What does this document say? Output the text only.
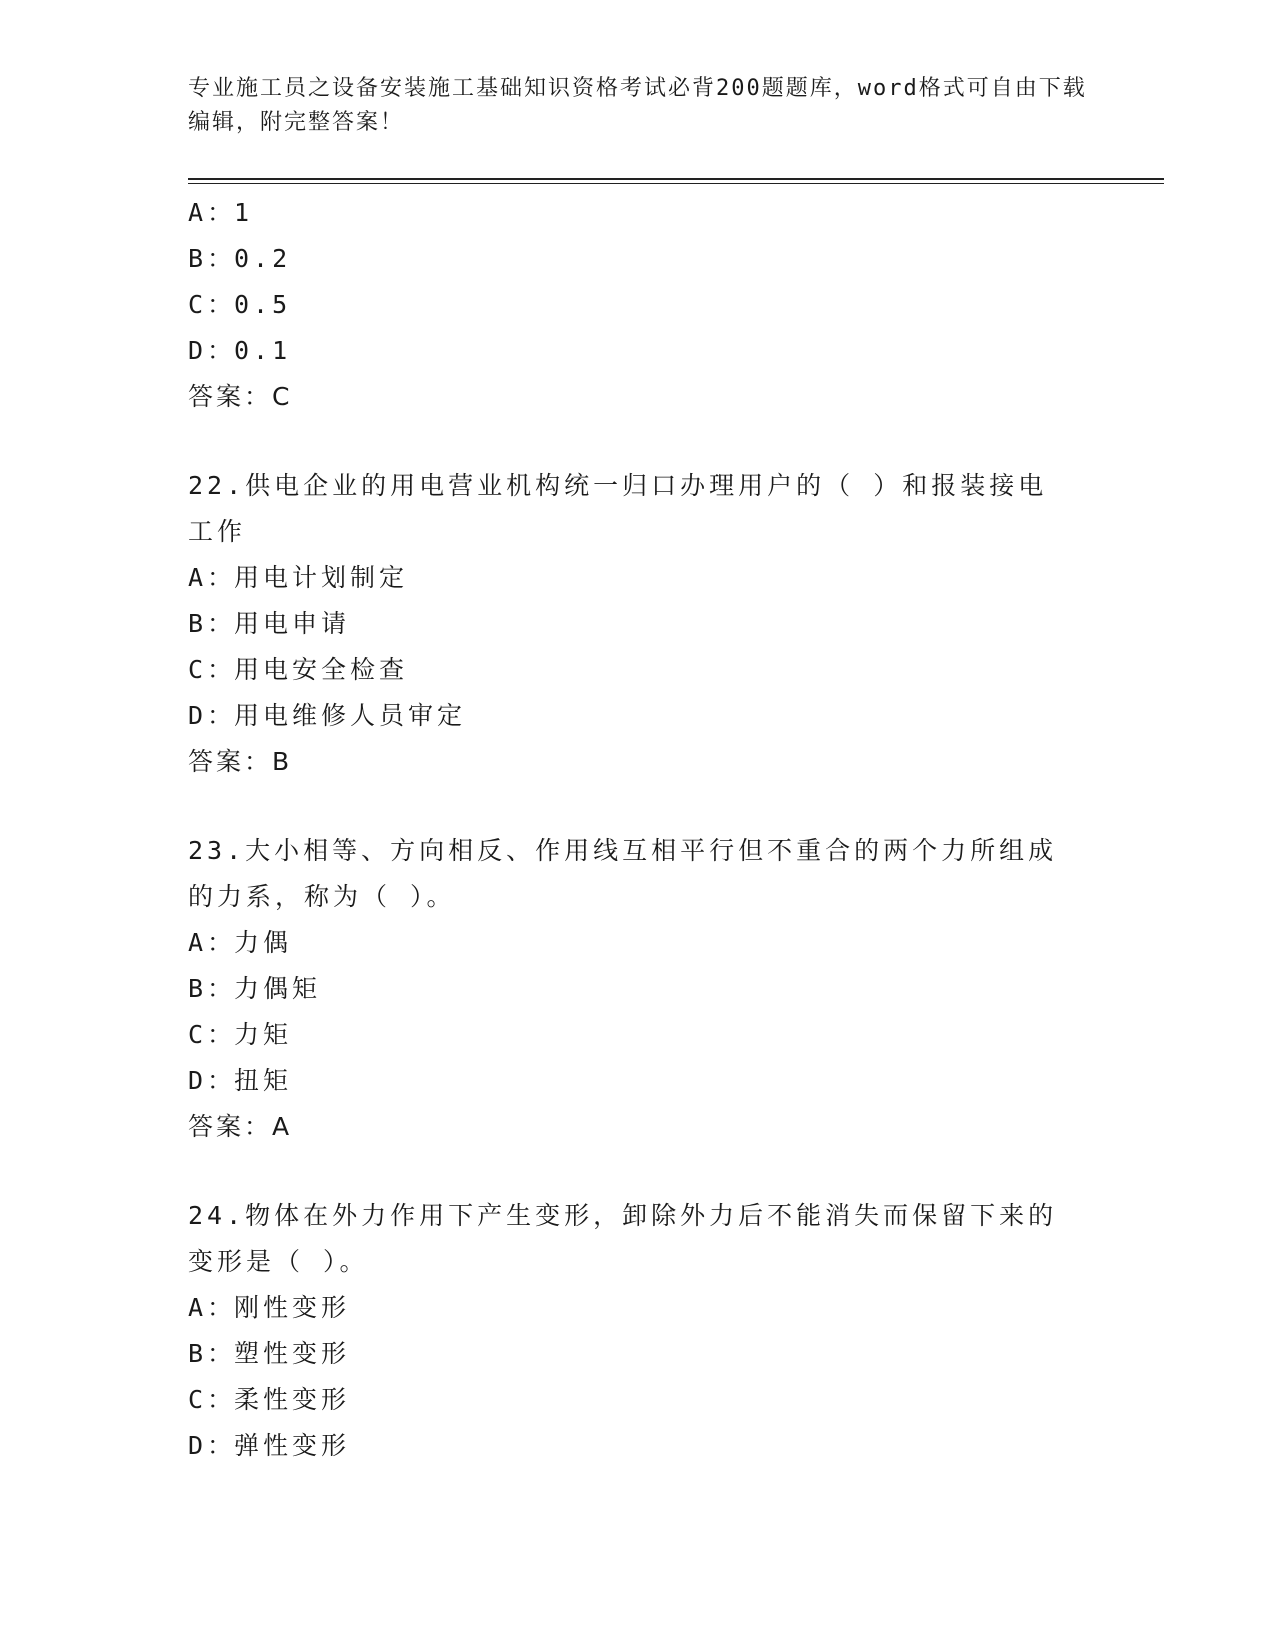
专业施工员之设备安装施工基础知识资格考试必背200题题库，word格式可自由下载编辑，附完整答案！
A：1
B：0.2
C：0.5
D：0.1
答案：C
22.供电企业的用电营业机构统一归口办理用户的（ ）和报装接电工作
A：用电计划制定
B：用电申请
C：用电安全检查
D：用电维修人员审定
答案：B
23.大小相等、方向相反、作用线互相平行但不重合的两个力所组成的力系，称为（ ）。
A：力偶
B：力偶矩
C：力矩
D：扭矩
答案：A
24.物体在外力作用下产生变形，卸除外力后不能消失而保留下来的变形是（ ）。
A：刚性变形
B：塑性变形
C：柔性变形
D：弹性变形
